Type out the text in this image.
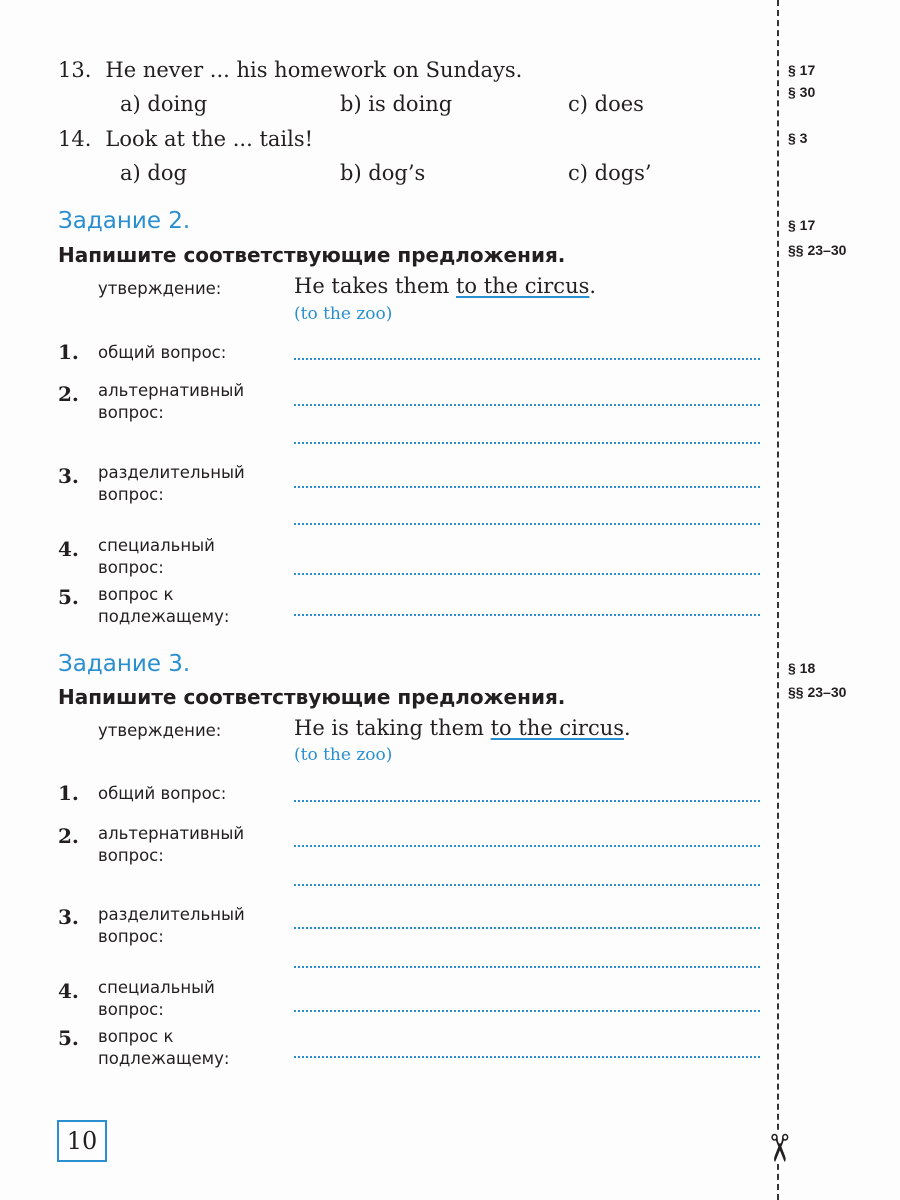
13. He never ... his homework on Sundays.
a) doing	b) is doing	c) does
14. Look at the ... tails!
a) dog	b) dog’s	c) dogs’
§ 17
§ 30
§ 3
§ 17
§§ 23–30
§ 18
§§ 23–30
Задание 2.
Напишите соответствующие предложения.
утверждение:	He takes them to the circus.
(to the zoo)
1. общий вопрос:
2. альтернативный
вопрос:
3. разделительный
вопрос:
4. специальный
вопрос:
5. вопрос к
подлежащему:
Задание 3.
Напишите соответствующие предложения.
утверждение:	He is taking them to the circus.
(to the zoo)
1. общий вопрос:
2. альтернативный
вопрос:
3. разделительный
вопрос:
4. специальный
вопрос:
5. вопрос к
подлежащему:
10	✂
